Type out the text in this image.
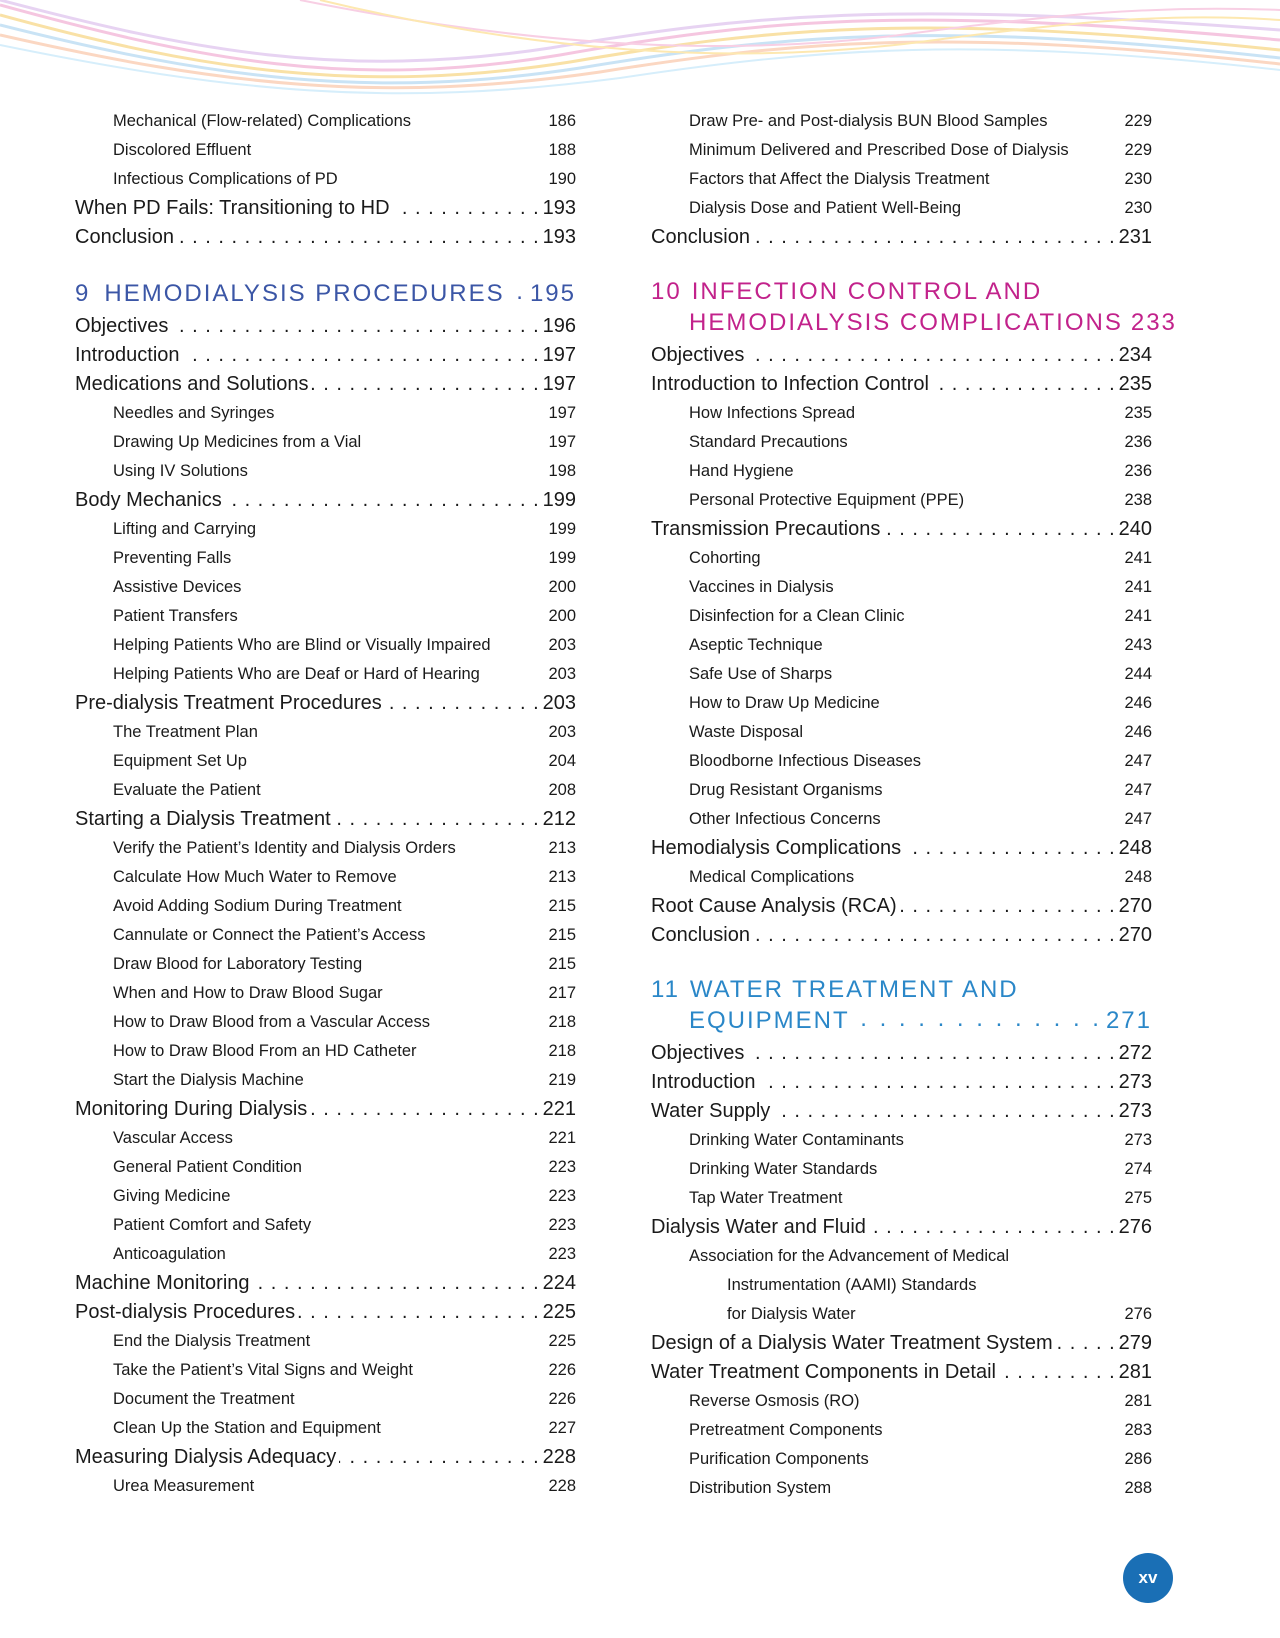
Mechanical (Flow-related) Complications . . .	186
Discolored Effluent . . .	188
Infectious Complications of PD . . .	190
When PD Fails: Transitioning to HD . . .	193
Conclusion . . .	193
9 HEMODIALYSIS PROCEDURES . . . 195
Objectives . . .	196
Introduction . . .	197
Medications and Solutions . . .	197
Needles and Syringes . . .	197
Drawing Up Medicines from a Vial . . .	197
Using IV Solutions . . .	198
Body Mechanics . . .	199
Lifting and Carrying . . .	199
Preventing Falls . . .	199
Assistive Devices . . .	200
Patient Transfers . . .	200
Helping Patients Who are Blind or Visually Impaired . . .	203
Helping Patients Who are Deaf or Hard of Hearing . . .	203
Pre-dialysis Treatment Procedures . . .	203
The Treatment Plan . . .	203
Equipment Set Up . . .	204
Evaluate the Patient . . .	208
Starting a Dialysis Treatment . . .	212
Verify the Patient’s Identity and Dialysis Orders . . .	213
Calculate How Much Water to Remove . . .	213
Avoid Adding Sodium During Treatment . . .	215
Cannulate or Connect the Patient’s Access . . .	215
Draw Blood for Laboratory Testing . . .	215
When and How to Draw Blood Sugar . . .	217
How to Draw Blood from a Vascular Access . . .	218
How to Draw Blood From an HD Catheter . . .	218
Start the Dialysis Machine . . .	219
Monitoring During Dialysis . . .	221
Vascular Access . . .	221
General Patient Condition . . .	223
Giving Medicine . . .	223
Patient Comfort and Safety . . .	223
Anticoagulation . . .	223
Machine Monitoring . . .	224
Post-dialysis Procedures . . .	225
End the Dialysis Treatment . . .	225
Take the Patient’s Vital Signs and Weight . . .	226
Document the Treatment . . .	226
Clean Up the Station and Equipment . . .	227
Measuring Dialysis Adequacy . . .	228
Urea Measurement . . .	228
Draw Pre- and Post-dialysis BUN Blood Samples . . .	229
Minimum Delivered and Prescribed Dose of Dialysis . . .	229
Factors that Affect the Dialysis Treatment . . .	230
Dialysis Dose and Patient Well-Being . . .	230
Conclusion . . .	231
10 INFECTION CONTROL AND
HEMODIALYSIS COMPLICATIONS 233
Objectives . . .	234
Introduction to Infection Control . . .	235
How Infections Spread . . .	235
Standard Precautions . . .	236
Hand Hygiene . . .	236
Personal Protective Equipment (PPE) . . .	238
Transmission Precautions . . .	240
Cohorting . . .	241
Vaccines in Dialysis . . .	241
Disinfection for a Clean Clinic . . .	241
Aseptic Technique . . .	243
Safe Use of Sharps . . .	244
How to Draw Up Medicine . . .	246
Waste Disposal . . .	246
Bloodborne Infectious Diseases . . .	247
Drug Resistant Organisms . . .	247
Other Infectious Concerns . . .	247
Hemodialysis Complications . . .	248
Medical Complications . . .	248
Root Cause Analysis (RCA) . . .	270
Conclusion . . .	270
11 WATER TREATMENT AND
EQUIPMENT . . .	271
Objectives . . .	272
Introduction . . .	273
Water Supply . . .	273
Drinking Water Contaminants . . .	273
Drinking Water Standards . . .	274
Tap Water Treatment . . .	275
Dialysis Water and Fluid . . .	276
Association for the Advancement of Medical
Instrumentation (AAMI) Standards
for Dialysis Water . . .	276
Design of a Dialysis Water Treatment System . . .	279
Water Treatment Components in Detail . . .	281
Reverse Osmosis (RO) . . .	281
Pretreatment Components . . .	283
Purification Components . . .	286
Distribution System . . .	288
xv
